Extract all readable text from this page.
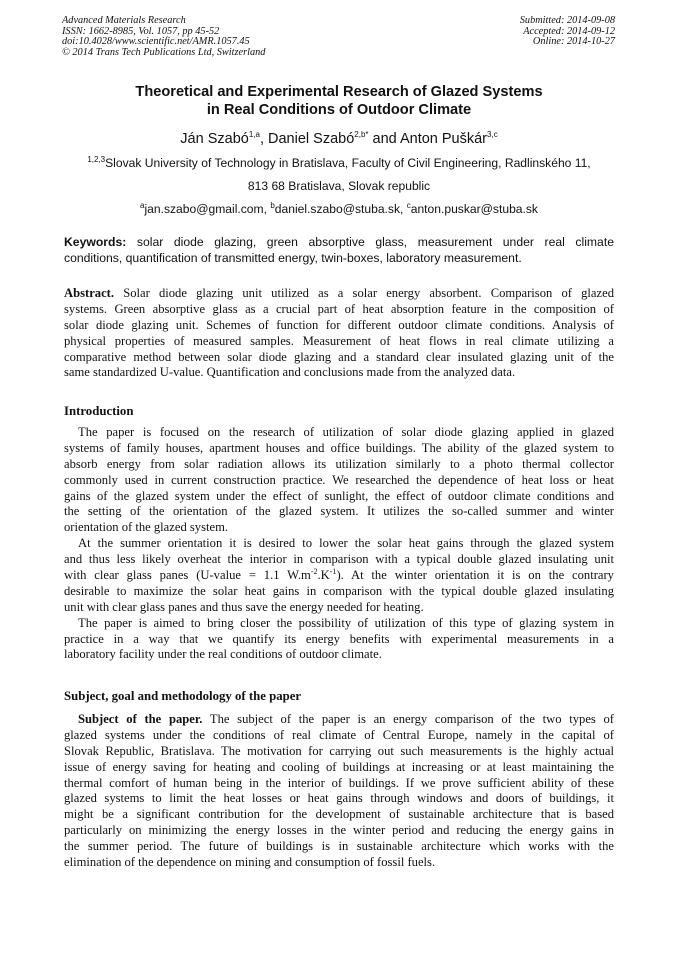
Advanced Materials Research
ISSN: 1662-8985, Vol. 1057, pp 45-52
doi:10.4028/www.scientific.net/AMR.1057.45
© 2014 Trans Tech Publications Ltd, Switzerland
Submitted: 2014-09-08
Accepted: 2014-09-12
Online: 2014-10-27
Theoretical and Experimental Research of Glazed Systems
in Real Conditions of Outdoor Climate
Ján Szabó$^{1,a}$, Daniel Szabó$^{2,b*}$ and Anton Puškár$^{3,c}$
$^{1,2,3}$Slovak University of Technology in Bratislava, Faculty of Civil Engineering, Radlinského 11,
813 68 Bratislava, Slovak republic
$^a$jan.szabo@gmail.com, $^b$daniel.szabo@stuba.sk, $^c$anton.puskar@stuba.sk
Keywords: solar diode glazing, green absorptive glass, measurement under real climate
conditions, quantification of transmitted energy, twin-boxes, laboratory measurement.
Abstract. Solar diode glazing unit utilized as a solar energy absorbent. Comparison of glazed
systems. Green absorptive glass as a crucial part of heat absorption feature in the composition of
solar diode glazing unit. Schemes of function for different outdoor climate conditions. Analysis of
physical properties of measured samples. Measurement of heat flows in real climate utilizing a
comparative method between solar diode glazing and a standard clear insulated glazing unit of the
same standardized U-value. Quantification and conclusions made from the analyzed data.
Introduction
The paper is focused on the research of utilization of solar diode glazing applied in glazed
systems of family houses, apartment houses and office buildings. The ability of the glazed system to
absorb energy from solar radiation allows its utilization similarly to a photo thermal collector
commonly used in current construction practice. We researched the dependence of heat loss or heat
gains of the glazed system under the effect of sunlight, the effect of outdoor climate conditions and
the setting of the orientation of the glazed system. It utilizes the so-called summer and winter
orientation of the glazed system.
At the summer orientation it is desired to lower the solar heat gains through the glazed system
and thus less likely overheat the interior in comparison with a typical double glazed insulating unit
with clear glass panes (U-value = 1.1 $W.m^{-2}.K^{-1}$). At the winter orientation it is on the contrary
desirable to maximize the solar heat gains in comparison with the typical double glazed insulating
unit with clear glass panes and thus save the energy needed for heating.
The paper is aimed to bring closer the possibility of utilization of this type of glazing system in
practice in a way that we quantify its energy benefits with experimental measurements in a
laboratory facility under the real conditions of outdoor climate.
Subject, goal and methodology of the paper
Subject of the paper. The subject of the paper is an energy comparison of the two types of
glazed systems under the conditions of real climate of Central Europe, namely in the capital of
Slovak Republic, Bratislava. The motivation for carrying out such measurements is the highly actual
issue of energy saving for heating and cooling of buildings at increasing or at least maintaining the
thermal comfort of human being in the interior of buildings. If we prove sufficient ability of these
glazed systems to limit the heat losses or heat gains through windows and doors of buildings, it
might be a significant contribution for the development of sustainable architecture that is based
particularly on minimizing the energy losses in the winter period and reducing the energy gains in
the summer period. The future of buildings is in sustainable architecture which works with the
elimination of the dependence on mining and consumption of fossil fuels.
